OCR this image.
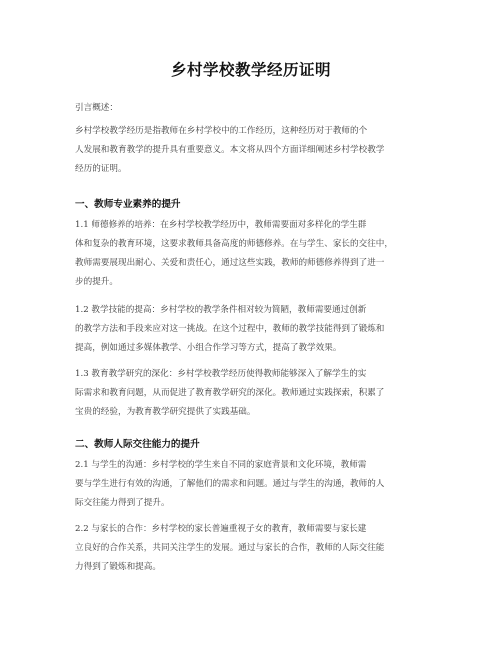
乡村学校教学经历证明
引言概述：
乡村学校教学经历是指教师在乡村学校中的工作经历，这种经历对于教师的个
人发展和教育教学的提升具有重要意义。本文将从四个方面详细阐述乡村学校教学
经历的证明。
一、教师专业素养的提升
1.1 师德修养的培养：在乡村学校教学经历中，教师需要面对多样化的学生群
体和复杂的教育环境，这要求教师具备高度的师德修养。在与学生、家长的交往中，
教师需要展现出耐心、关爱和责任心，通过这些实践，教师的师德修养得到了进一
步的提升。
1.2 教学技能的提高：乡村学校的教学条件相对较为简陋，教师需要通过创新
的教学方法和手段来应对这一挑战。在这个过程中，教师的教学技能得到了锻炼和
提高，例如通过多媒体教学、小组合作学习等方式，提高了教学效果。
1.3 教育教学研究的深化：乡村学校教学经历使得教师能够深入了解学生的实
际需求和教育问题，从而促进了教育教学研究的深化。教师通过实践探索，积累了
宝贵的经验，为教育教学研究提供了实践基础。
二、教师人际交往能力的提升
2.1 与学生的沟通：乡村学校的学生来自不同的家庭背景和文化环境，教师需
要与学生进行有效的沟通，了解他们的需求和问题。通过与学生的沟通，教师的人
际交往能力得到了提升。
2.2 与家长的合作：乡村学校的家长普遍重视子女的教育，教师需要与家长建
立良好的合作关系，共同关注学生的发展。通过与家长的合作，教师的人际交往能
力得到了锻炼和提高。
